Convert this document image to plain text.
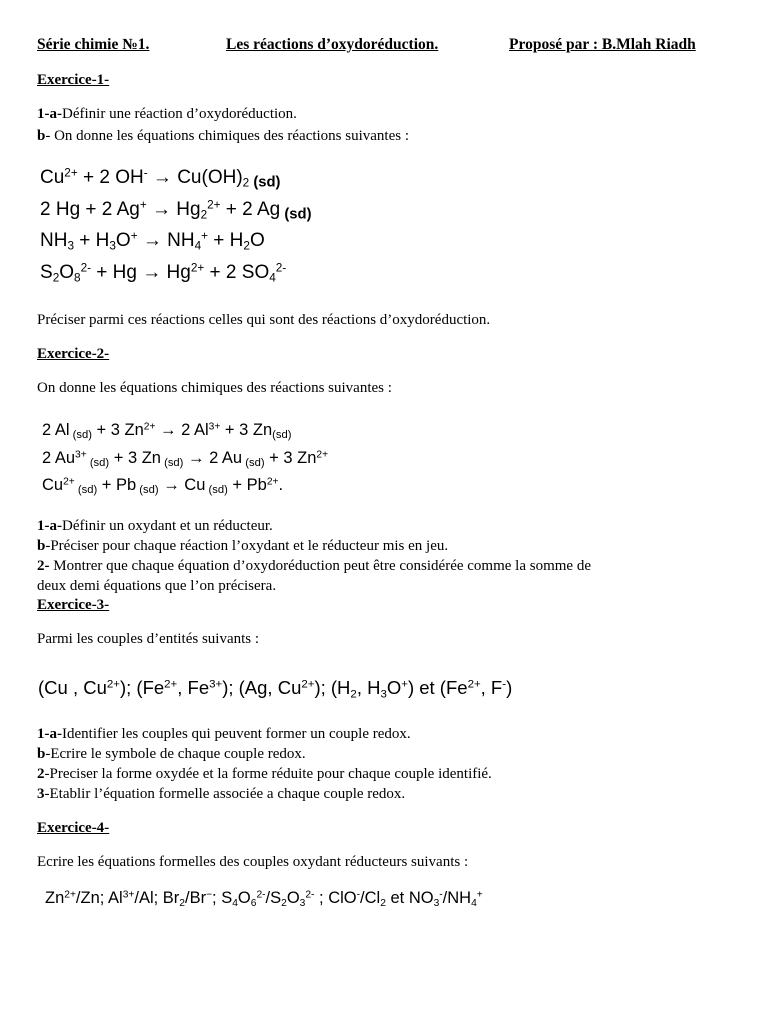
Série chimie №1.	Les réactions d’oxydoréduction.	Proposé par : B.Mlah Riadh
Exercice-1-
1-a-Définir une réaction d’oxydoréduction.
b- On donne les équations chimiques des réactions suivantes :
$Cu^{2+} + 2$ $OH^- \to Cu(OH)_2$ (sd)
2 Hg + 2 $Ag^+ \to Hg_2^{2+} + 2$ Ag (sd)
$NH_3 + H_3O^+ \to NH_4^+ + H_2O$
$S_2O_8^{2-} + Hg \to Hg^{2+} + 2$ $SO_4^{2-}$
Préciser parmi ces réactions celles qui sont des réactions d’oxydoréduction.
Exercice-2-
On donne les équations chimiques des réactions suivantes :
2 Al (sd) + 3 $Zn^{2+} \to 2$ $Al^{3+} + 3$ Zn(sd)
2 $Au^{3+}$ (sd) + 3 Zn (sd) → 2 Au (sd) + 3 $Zn^{2+}$
$Cu^{2+}$ (sd) + Pb (sd) → Cu $(sd) + Pb^{2+}$.
1-a-Définir un oxydant et un réducteur.
b-Préciser pour chaque réaction l’oxydant et le réducteur mis en jeu.
2- Montrer que chaque équation d’oxydoréduction peut être considérée comme la somme de
deux demi équations que l’on précisera.
Exercice-3-
Parmi les couples d’entités suivants :
(Cu , $Cu^{2+}$); ($Fe^{2+}$, $Fe^{3+}$); (Ag, $Cu^{2+}$); ($H_2$, $H_3O^+$) et ($Fe^{2+}$, F-)
1-a-Identifier les couples qui peuvent former un couple redox.
b-Ecrire le symbole de chaque couple redox.
2-Preciser la forme oxydée et la forme réduite pour chaque couple identifié.
3-Etablir l’équation formelle associée a chaque couple redox.
Exercice-4-
Ecrire les équations formelles des couples oxydant réducteurs suivants :
$Zn^{2+}/Zn$; $Al^{3+}/Al$; $Br_2/Br^-$; $S_4O_6^{2-}/S_2O_3^{2-}$ ; $ClO^-/Cl_2$ et $NO_3^-/NH_4^+$
